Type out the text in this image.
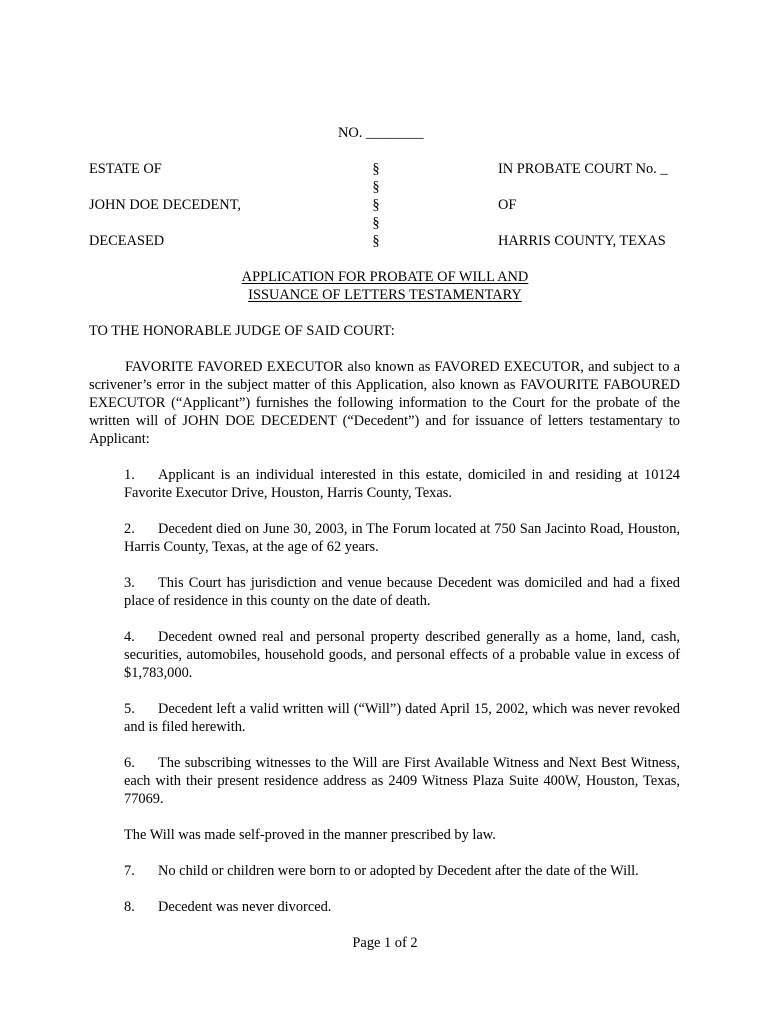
NO. ________
ESTATE OF
JOHN DOE DECEDENT,
DECEASED
§
§
§
§
§
IN PROBATE COURT No. _
OF
HARRIS COUNTY, TEXAS
APPLICATION FOR PROBATE OF WILL AND
ISSUANCE OF LETTERS TESTAMENTARY
TO THE HONORABLE JUDGE OF SAID COURT:
FAVORITE FAVORED EXECUTOR also known as FAVORED EXECUTOR, and subject to a scrivener’s error in the subject matter of this Application, also known as FAVOURITE FABOURED EXECUTOR (“Applicant”) furnishes the following information to the Court for the probate of the written will of JOHN DOE DECEDENT (“Decedent”) and for issuance of letters testamentary to Applicant:
1. Applicant is an individual interested in this estate, domiciled in and residing at 10124 Favorite Executor Drive, Houston, Harris County, Texas.
2. Decedent died on June 30, 2003, in The Forum located at 750 San Jacinto Road, Houston, Harris County, Texas, at the age of 62 years.
3. This Court has jurisdiction and venue because Decedent was domiciled and had a fixed place of residence in this county on the date of death.
4. Decedent owned real and personal property described generally as a home, land, cash, securities, automobiles, household goods, and personal effects of a probable value in excess of $1,783,000.
5. Decedent left a valid written will (“Will”) dated April 15, 2002, which was never revoked and is filed herewith.
6. The subscribing witnesses to the Will are First Available Witness and Next Best Witness, each with their present residence address as 2409 Witness Plaza Suite 400W, Houston, Texas, 77069.
The Will was made self-proved in the manner prescribed by law.
7. No child or children were born to or adopted by Decedent after the date of the Will.
8. Decedent was never divorced.
Page 1 of 2
